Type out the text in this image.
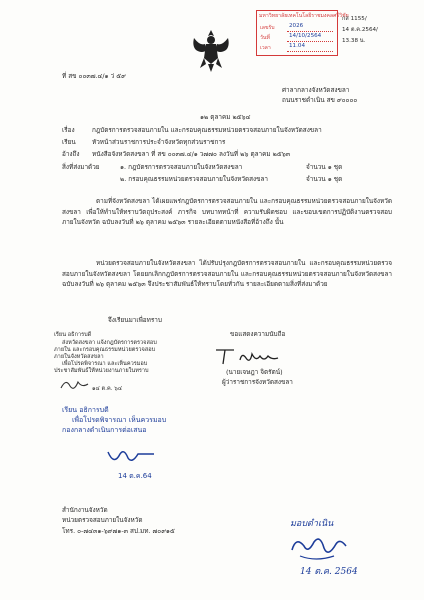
มหาวิทยาลัยเทคโนโลยีราชมงคลศรีวิชัย
เลขรับ	2026
วันที่	14/10/2564
เวลา	11.04
กส 1155/
14 ต.ค.2564/
13.38 น.
ที่ สข ๐๐๓๗.๔/๑ ว่ ๕๙
ศาลากลางจังหวัดสงขลา
ถนนราชดำเนิน สข ๙๐๐๐๐
๑๒ ตุลาคม ๒๕๖๔
เรื่อง	กฎบัตรการตรวจสอบภายใน และกรอบคุณธรรมหน่วยตรวจสอบภายในจังหวัดสงขลา
เรียน	หัวหน้าส่วนราชการประจำจังหวัดทุกส่วนราชการ
อ้างถึง หนังสือจังหวัดสงขลา ที่ สข ๐๐๓๗.๔/๑ ว๗๗๐ ลงวันที่ ๒๖ ตุลาคม ๒๕๖๓
สิ่งที่ส่งมาด้วย	๑. กฎบัตรการตรวจสอบภายในจังหวัดสงขลา	จำนวน ๑ ชุด
๒. กรอบคุณธรรมหน่วยตรวจสอบภายในจังหวัดสงขลา	จำนวน ๑ ชุด
ตามที่จังหวัดสงขลา ได้เผยแพร่กฎบัตรการตรวจสอบภายใน และกรอบคุณธรรมหน่วยตรวจสอบภายในจังหวัดสงขลา เพื่อให้ทำนให้ทราบวัตถุประสงค์ ภารกิจ บทบาทหน้าที่ ความรับผิดชอบ และขอบเขตการปฏิบัติงานตรวจสอบภายในจังหวัด ฉบับลงวันที่ ๒๖ ตุลาคม ๒๕๖๓ รายละเอียดตามหนังสือที่อ้างถึง นั้น
หน่วยตรวจสอบภายในจังหวัดสงขลา ได้ปรับปรุงกฎบัตรการตรวจสอบภายใน และกรอบคุณธรรมหน่วยตรวจสอบภายในจังหวัดสงขลา โดยยกเลิกกฎบัตรการตรวจสอบภายใน และกรอบคุณธรรมหน่วยตรวจสอบภายในจังหวัดสงขลา ฉบับลงวันที่ ๒๖ ตุลาคม ๒๕๖๓ จึงประชาสัมพันธ์ให้ทราบโดยทั่วกัน รายละเอียดตามสิ่งที่ส่งมาด้วย
จึงเรียนมาเพื่อทราบ
ขอแสดงความนับถือ
(นายเจษฎา จิตรัตน์)
ผู้ว่าราชการจังหวัดสงขลา
เรียน อธิการบดี
ส่งหวัดสงขลา แจ้งกฎบัตรการตรวจสอบ
ภายใน และกรอบคุณธรรมหน่วยตรวจสอบ
ภายในจังหวัดสงขลา
เพื่อโปรดพิจารณา และเห็นควรมอบ
ประชาสัมพันธ์ให้หน่วยงานภายในทราบ
๑๔ ต.ค. ๖๔
เรียน อธิการบดี
เพื่อโปรดพิจารณา เห็นควรมอบ
กองกลางดำเนินการต่อเสนอ
14 ต.ค.64
สำนักงานจังหวัด
หน่วยตรวจสอบภายในจังหวัด
โทร. ๐-๗๔๓๑-๖๙๗๑-๓ สป.มท. ๗๐๙๑๕
มอบดำเนิน
14 ต.ค. 2564
